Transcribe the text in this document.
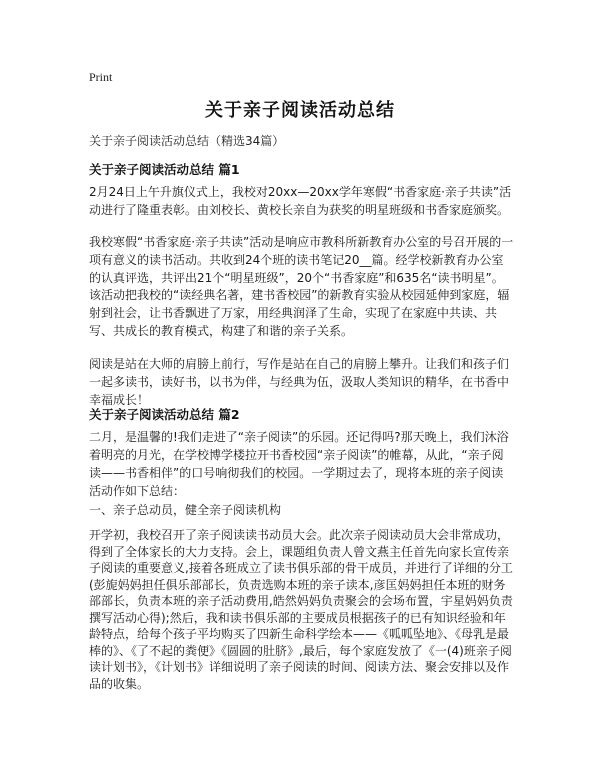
Print
关于亲子阅读活动总结
关于亲子阅读活动总结（精选34篇）
关于亲子阅读活动总结 篇1

2月24日上午升旗仪式上，我校对20xx—20xx学年寒假“书香家庭·亲子共读”活动进行了隆重表彰。由刘校长、黄校长亲自为获奖的明星班级和书香家庭颁奖。

我校寒假“书香家庭·亲子共读”活动是响应市教科所新教育办公室的号召开展的一项有意义的读书活动。共收到24个班的读书笔记20__篇。经学校新教育办公室的认真评选，共评出21个“明星班级”，20个“书香家庭”和635名“读书明星”。

该活动把我校的“读经典名著，建书香校园”的新教育实验从校园延伸到家庭，辐射到社会，让书香飘进了万家，用经典润泽了生命，实现了在家庭中共读、共写、共成长的教育模式，构建了和谐的亲子关系。

阅读是站在大师的肩膀上前行，写作是站在自己的肩膀上攀升。让我们和孩子们一起多读书，读好书，以书为伴，与经典为伍，汲取人类知识的精华，在书香中幸福成长！

关于亲子阅读活动总结 篇2

二月，是温馨的!我们走进了“亲子阅读”的乐园。还记得吗?那天晚上，我们沐浴着明亮的月光，在学校博学楼拉开书香校园“亲子阅读”的帷幕，从此，“亲子阅读——书香相伴”的口号响彻我们的校园。一学期过去了，现将本班的亲子阅读活动作如下总结：

一、亲子总动员，健全亲子阅读机构

开学初，我校召开了亲子阅读读书动员大会。此次亲子阅读动员大会非常成功，得到了全体家长的大力支持。会上，课题组负责人曾文燕主任首先向家长宣传亲子阅读的重要意义,接着各班成立了读书俱乐部的骨干成员，并进行了详细的分工(彭旎妈妈担任俱乐部部长，负责选购本班的亲子读本,彦匡妈妈担任本班的财务部部长，负责本班的亲子活动费用,皓然妈妈负责聚会的会场布置，宇星妈妈负责撰写活动心得);然后，我和读书俱乐部的主要成员根据孩子的已有知识经验和年龄特点，给每个孩子平均购买了四新生命科学绘本——《呱呱坠地》、《母乳是最棒的》、《了不起的粪便》《圆圆的肚脐》,最后，每个家庭发放了《一(4)班亲子阅读计划书》，《计划书》详细说明了亲子阅读的时间、阅读方法、聚会安排以及作品的收集。
